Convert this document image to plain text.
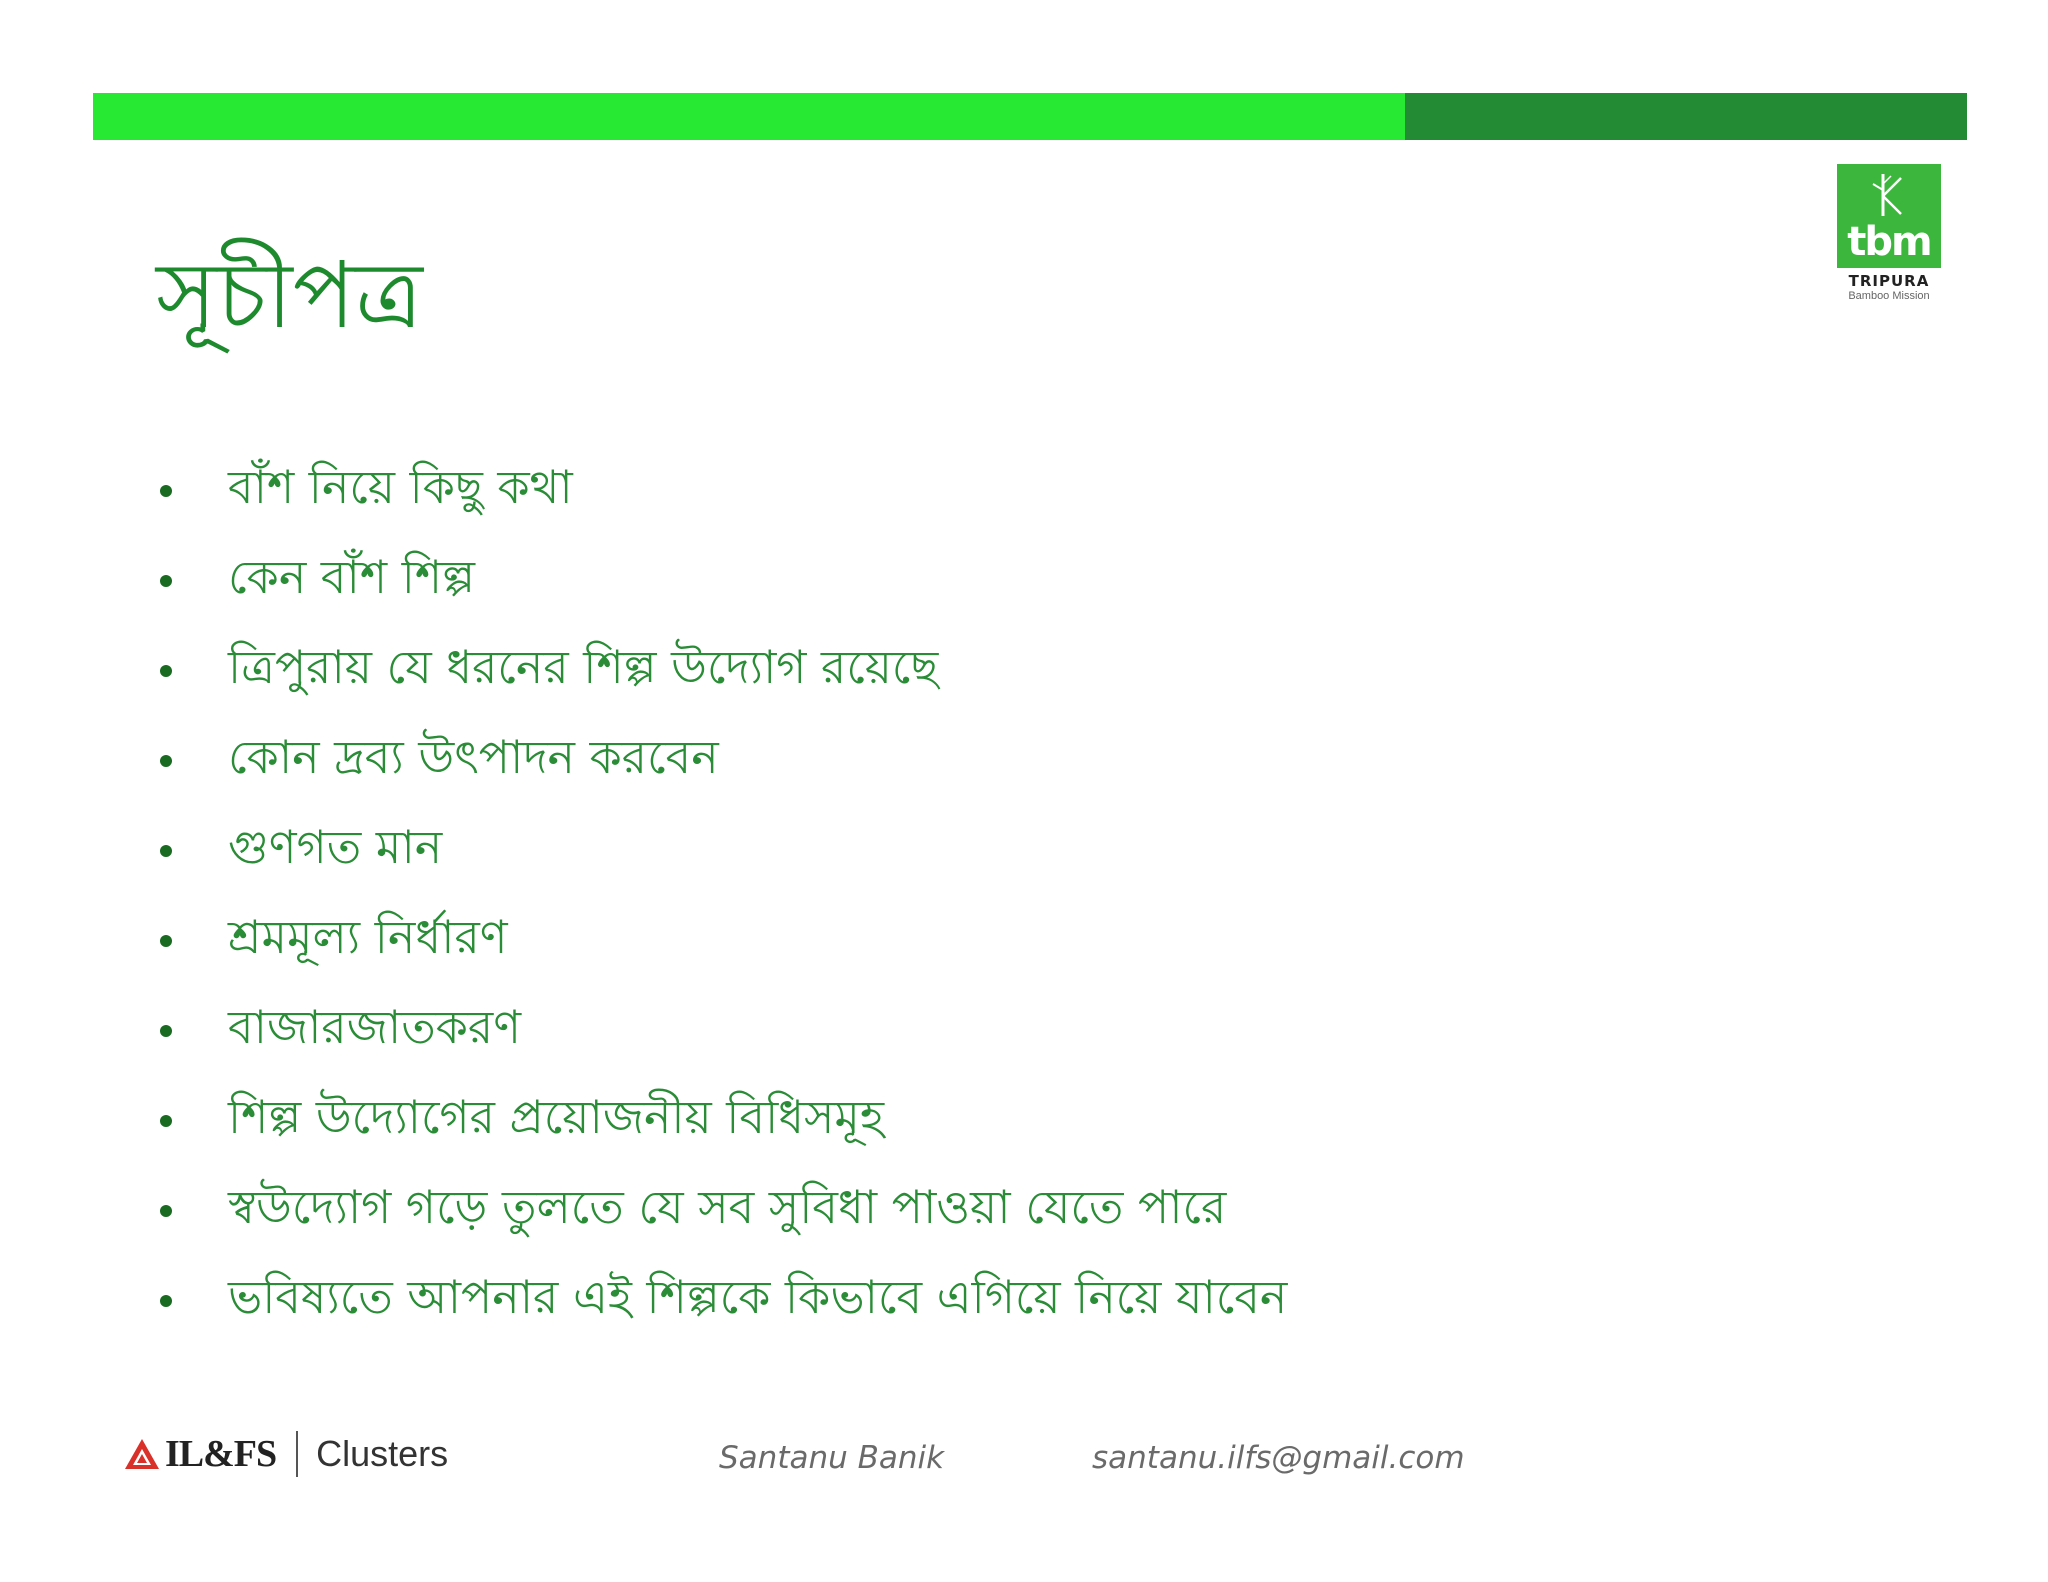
tbm
TRIPURA
Bamboo Mission
সূচীপত্র
বাঁশ নিয়ে কিছু কথা
কেন বাঁশ শিল্প
ত্রিপুরায় যে ধরনের শিল্প উদ্যোগ রয়েছে
কোন দ্রব্য উৎপাদন করবেন
গুণগত মান
শ্রমমূল্য নির্ধারণ
বাজারজাতকরণ
শিল্প উদ্যোগের প্রয়োজনীয় বিধিসমূহ
স্বউদ্যোগ গড়ে তুলতে যে সব সুবিধা পাওয়া যেতে পারে
ভবিষ্যতে আপনার এই শিল্পকে কিভাবে এগিয়ে নিয়ে যাবেন
IL&FS Clusters	Santanu Banik	santanu.ilfs@gmail.com
